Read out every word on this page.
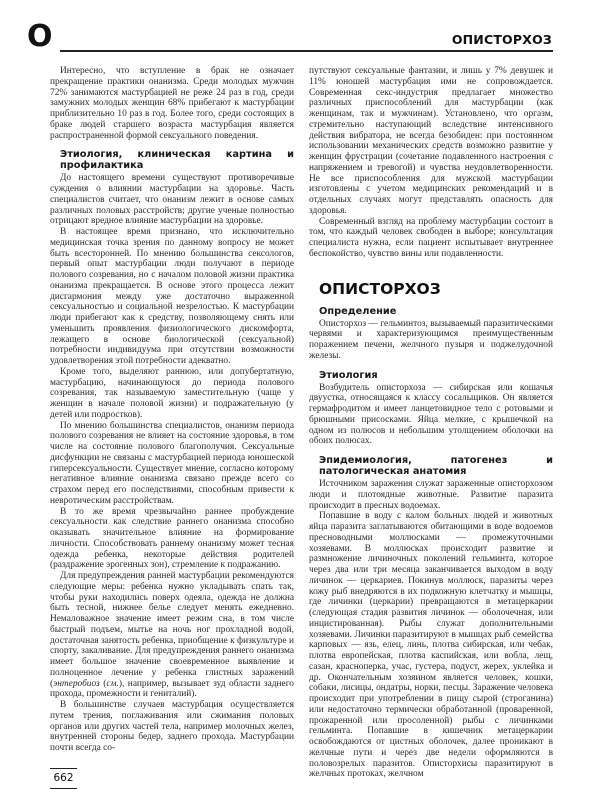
О	ОПИСТОРХОЗ

Интересно, что вступление в брак не означает прекращение практики онанизма. Среди молодых мужчин 72% занимаются мастурбацией не реже 24 раз в год, среди замужних молодых женщин 68% прибегают к мастурбации приблизительно 10 раз в год. Более того, среди состоящих в браке людей старшего возраста мастурбация является распространенной формой сексуального поведения.

Этиология, клиническая картина и профилактика

До настоящего времени существуют противоречивые суждения о влиянии мастурбации на здоровье. Часть специалистов считает, что онанизм лежит в основе самых различных половых расстройств; другие ученые полностью отрицают вредное влияние мастурбации на здоровье.

В настоящее время признано, что исключительно медицинская точка зрения по данному вопросу не может быть всесторонней. По мнению большинства сексологов, первый опыт мастурбации люди получают в периоде полового созревания, но с началом половой жизни практика онанизма прекращается. В основе этого процесса лежит дисгармония между уже достаточно выраженной сексуальностью и социальной незрелостью. К мастурбации люди прибегают как к средству, позволяющему снять или уменьшить проявления физиологического дискомфорта, лежащего в основе биологической (сексуальной) потребности индивидуума при отсутствии возможности удовлетворения этой потребности адекватно.

Кроме того, выделяют раннюю, или допубертатную, мастурбацию, начинающуюся до периода полового созревания, так называемую заместительную (чаще у женщин в начале половой жизни) и подражательную (у детей или подростков).

По мнению большинства специалистов, онанизм периода полового созревания не влияет на состояние здоровья, в том числе на состояние полового благополучия. Сексуальные дисфункции не связаны с мастурбацией периода юношеской гиперсексуальности. Существует мнение, согласно которому негативное влияние онанизма связано прежде всего со страхом перед его последствиями, способным привести к невротическим расстройствам.

В то же время чрезвычайно раннее пробуждение сексуальности как следствие раннего онанизма способно оказывать значительное влияние на формирование личности. Способствовать раннему онанизму может тесная одежда ребенка, некоторые действия родителей (раздражение эрогенных зон), стремление к подражанию.

Для предупреждения ранней мастурбации рекомендуются следующие меры: ребенка нужно укладывать спать так, чтобы руки находились поверх одеяла, одежда не должна быть тесной, нижнее белье следует менять ежедневно. Немаловажное значение имеет режим сна, в том числе быстрый подъем, мытье на ночь ног прохладной водой, достаточная занятость ребенка, приобщение к физкультуре и спорту, закаливание. Для предупреждения раннего онанизма имеет большое значение своевременное выявление и полноценное лечение у ребенка глистных заражений (энтеробиоз (см.), например, вызывает зуд области заднего прохода, промежности и гениталий).

В большинстве случаев мастурбация осуществляется путем трения, поглаживания или сжимания половых органов или других частей тела, например молочных желез, внутренней стороны бедер, заднего прохода. Мастурбации почти всегда со-

662

путствуют сексуальные фантазии, и лишь у 7% девушек и 11% юношей мастурбация ими не сопровождается. Современная секс-индустрия предлагает множество различных приспособлений для мастурбации (как женщинам, так и мужчинам). Установлено, что оргазм, стремительно наступающий вследствие интенсивного действия вибратора, не всегда безобиден: при постоянном использовании механических средств возможно развитие у женщин фрустрации (сочетание подавленного настроения с напряжением и тревогой) и чувства неудовлетворенности. Не все приспособления для мужской мастурбации изготовлены с учетом медицинских рекомендаций и в отдельных случаях могут представлять опасность для здоровья.

Современный взгляд на проблему мастурбации состоит в том, что каждый человек свободен в выборе; консультация специалиста нужна, если пациент испытывает внутреннее беспокойство, чувство вины или подавленности.

ОПИСТОРХОЗ
Определение

Описторхоз — гельминтоз, вызываемый паразитическими червями и характеризующимся преимущественным поражением печени, желчного пузыря и поджелудочной железы.

Этиология

Возбудитель описторхоза — сибирская или кошачья двуустка, относящаяся к классу сосальщиков. Он является гермафродитом и имеет ланцетовидное тело с ротовыми и брюшными присосками. Яйца мелкие, с крышечкой на одном из полюсов и небольшим утолщением оболочки на обоих полюсах.

Эпидемиология, патогенез и патологическая анатомия

Источником заражения служат зараженные описторхозом люди и плотоядные животные. Развитие паразита происходит в пресных водоемах.

Попавшие в воду с калом больных людей и животных яйца паразита заглатываются обитающими в воде водоемов пресноводными моллюсками — промежуточными хозяевами. В моллюсках происходит развитие и размножение личиночных поколений гельминта, которое через два или три месяца заканчивается выходом в воду личинок — церкариев. Покинув моллюск, паразиты через кожу рыб внедряются в их подкожную клетчатку и мышцы, где личинки (церкарии) превращаются в метацеркарии (следующая стадия развития личинок — оболочечная, или инцистированная). Рыбы служат дополнительными хозяевами. Личинки паразитируют в мышцах рыб семейства карповых — язь, елец, линь, плотва сибирская, или чебак, плотва европейская, плотва каспийская, или вобла, лещ, сазан, красноперка, учас, густера, подуст, жерех, уклейка и др. Окончательным хозяином является человек, кошки, собаки, лисицы, ондатры, норки, песцы. Заражение человека происходит при употреблении в пищу сырой (строганина) или недостаточно термически обработанной (проваренной, прожаренной или просоленной) рыбы с личинками гельминта. Попавшие в кишечник метацеркарии освобождаются от цистных оболочек, далее проникают в желчные пути и через две недели оформляются в половозрелых паразитов. Описторхисы паразитируют в желчных протоках, желчном
